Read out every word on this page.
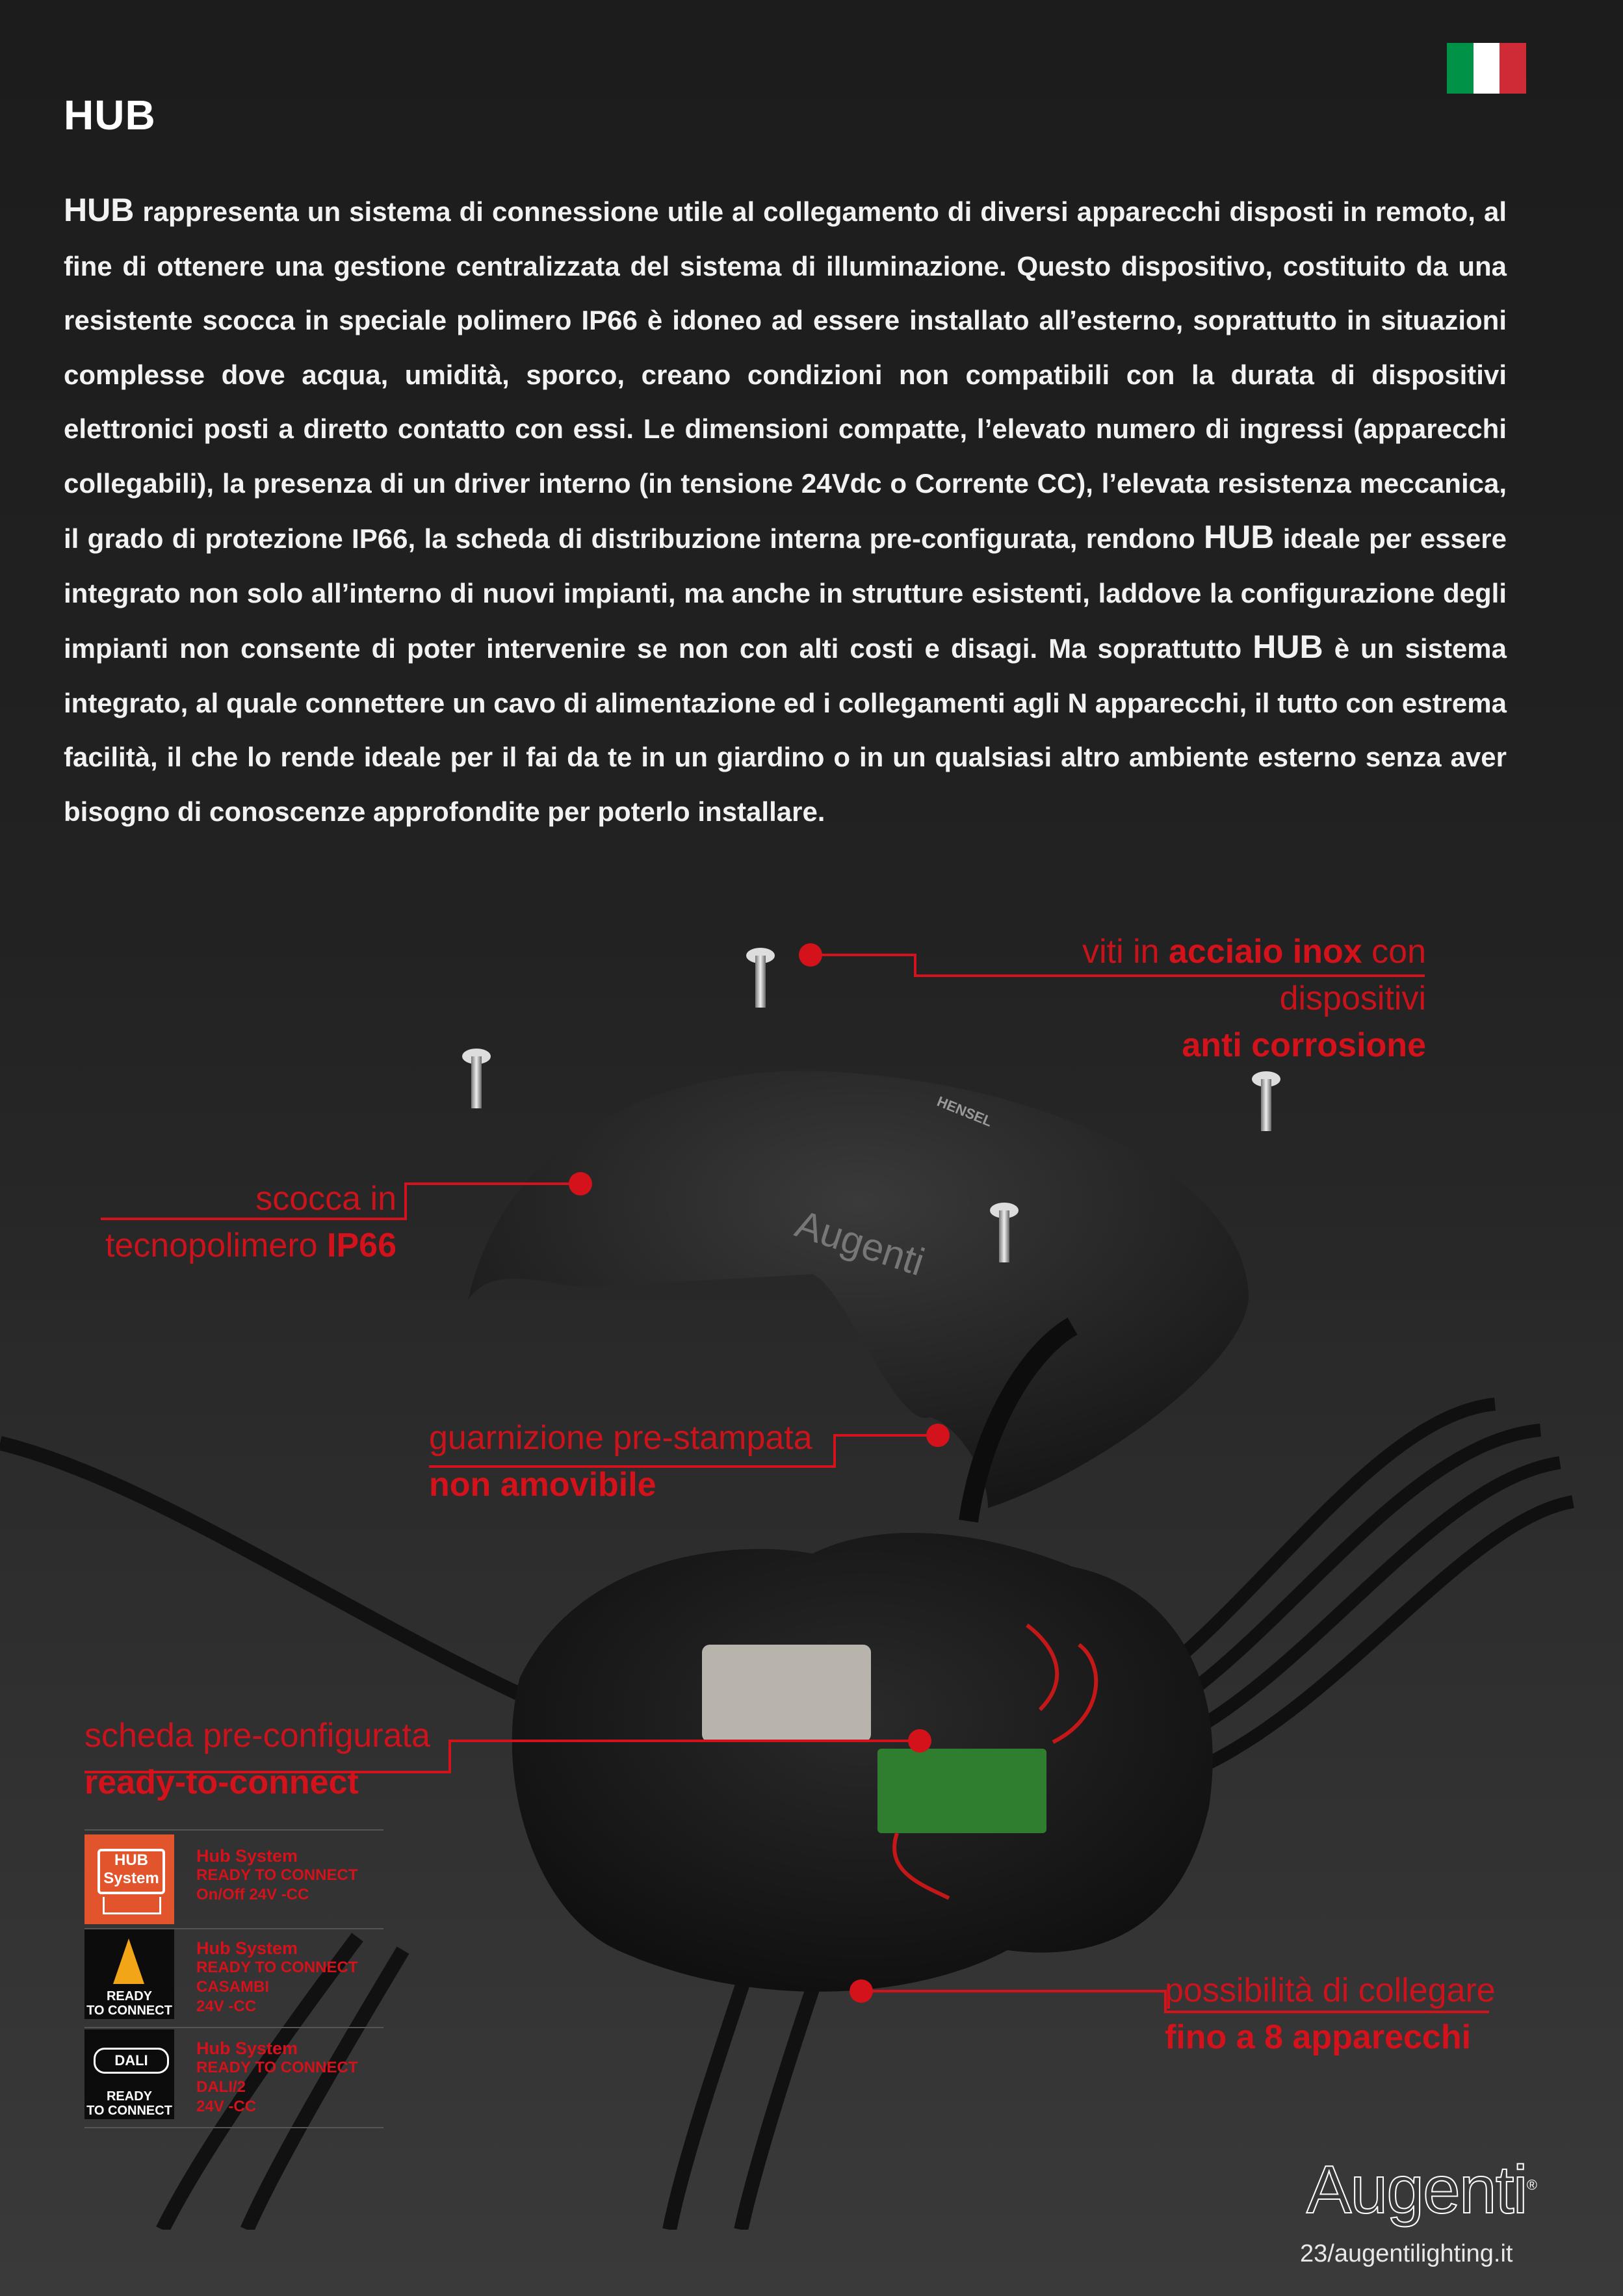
HUB
HUB rappresenta un sistema di connessione utile al collegamento di diversi apparecchi disposti in remoto, al fine di ottenere una gestione centralizzata del sistema di illuminazione. Questo dispositivo, costituito da una resistente scocca in speciale polimero IP66 è idoneo ad essere installato all’esterno, soprattutto in situazioni complesse dove acqua, umidità, sporco, creano condizioni non compatibili con la durata di dispositivi elettronici posti a diretto contatto con essi. Le dimensioni compatte, l’elevato numero di ingressi (apparecchi collegabili), la presenza di un driver interno (in tensione 24Vdc o Corrente CC), l’elevata resistenza meccanica, il grado di protezione IP66, la scheda di distribuzione interna pre-configurata, rendono HUB ideale per essere integrato non solo all’interno di nuovi impianti, ma anche in strutture esistenti, laddove la configurazione degli impianti non consente di poter intervenire se non con alti costi e disagi. Ma soprattutto HUB è un sistema integrato, al quale connettere un cavo di alimentazione ed i collegamenti agli N apparecchi, il tutto con estrema facilità, il che lo rende ideale per il fai da te in un giardino o in un qualsiasi altro ambiente esterno senza aver bisogno di conoscenze approfondite per poterlo installare.
Augenti
HENSEL
viti in acciaio inox con dispositivi
anti corrosione
scocca in
tecnopolimero IP66
guarnizione pre-stampata
non amovibile
scheda pre-configurata
ready-to-connect
possibilità di collegare
fino a 8 apparecchi
HUB
System
Hub System
READY TO CONNECT
On/Off 24V -CC
READY
TO CONNECT
Hub System
READY TO CONNECT
CASAMBI
24V -CC
DALI
READY
TO CONNECT
Hub System
READY TO CONNECT
DALI/2
24V -CC
Augenti®
23/augentilighting.it
